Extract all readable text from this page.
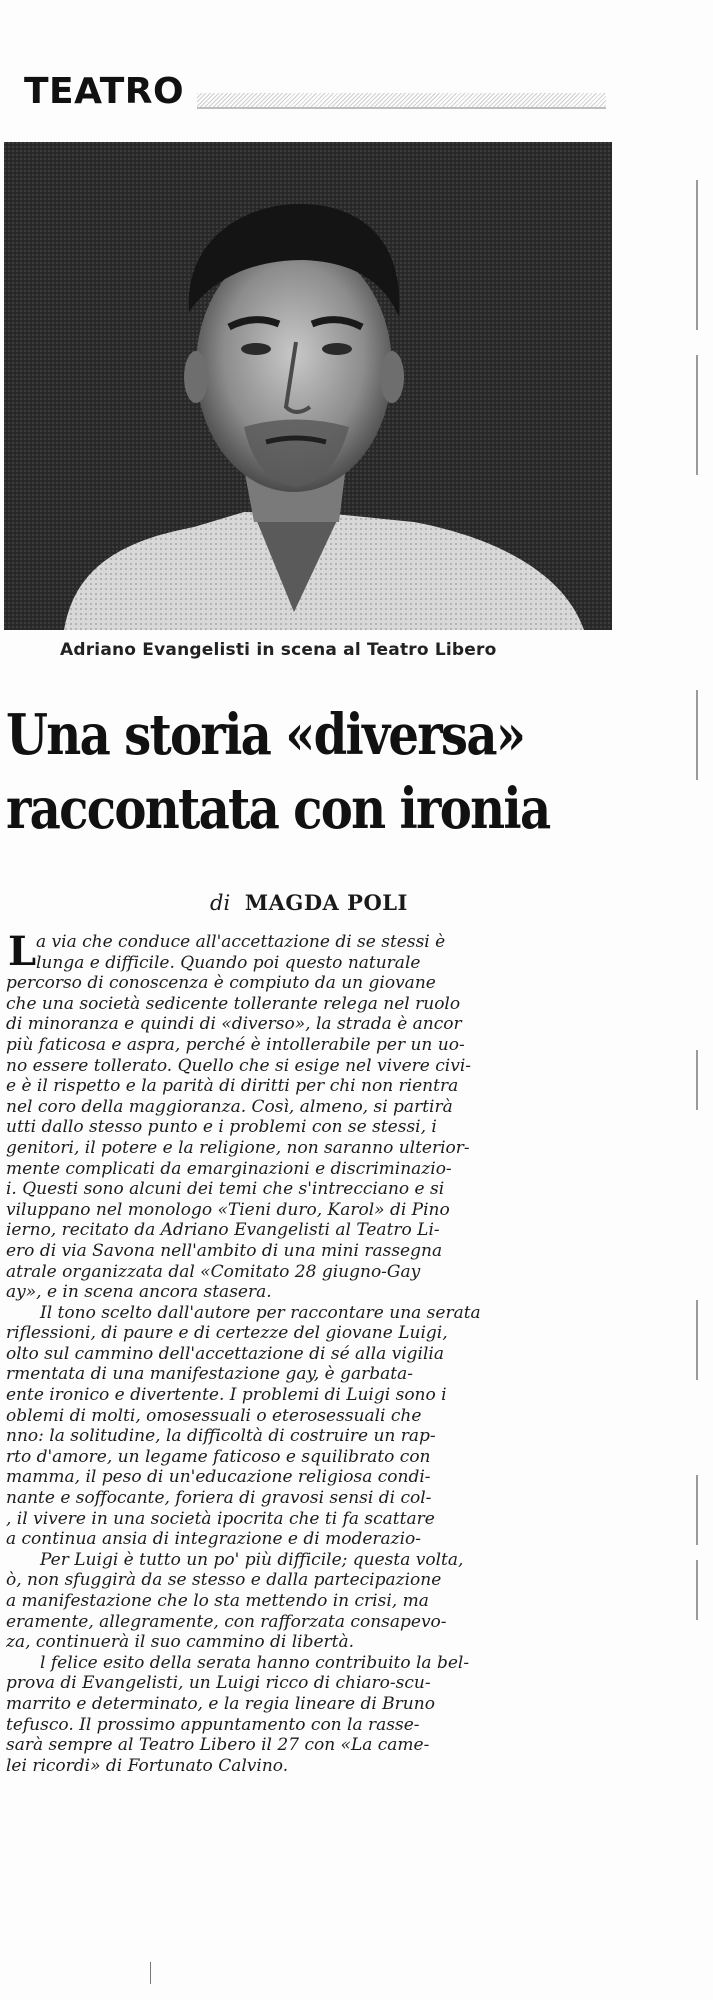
TEATRO
Adriano Evangelisti in scena al Teatro Libero
Una storia «diversa»
raccontata con ironia
di MAGDA POLI
L a via che conduce all'accettazione di se stessi è
lunga e difficile. Quando poi questo naturale
percorso di conoscenza è compiuto da un giovane
che una società sedicente tollerante relega nel ruolo
di minoranza e quindi di «diverso», la strada è ancor
più faticosa e aspra, perché è intollerabile per un uo-
no essere tollerato. Quello che si esige nel vivere civi-
e è il rispetto e la parità di diritti per chi non rientra
nel coro della maggioranza. Così, almeno, si partirà
utti dallo stesso punto e i problemi con se stessi, i
genitori, il potere e la religione, non saranno ulterior-
mente complicati da emarginazioni e discriminazio-
i. Questi sono alcuni dei temi che s'intrecciano e si
viluppano nel monologo «Tieni duro, Karol» di Pino
ierno, recitato da Adriano Evangelisti al Teatro Li-
ero di via Savona nell'ambito di una mini rassegna
atrale organizzata dal «Comitato 28 giugno-Gay
ay», e in scena ancora stasera.
Il tono scelto dall'autore per raccontare una serata
riflessioni, di paure e di certezze del giovane Luigi,
olto sul cammino dell'accettazione di sé alla vigilia
rmentata di una manifestazione gay, è garbata-
ente ironico e divertente. I problemi di Luigi sono i
oblemi di molti, omosessuali o eterosessuali che
nno: la solitudine, la difficoltà di costruire un rap-
rto d'amore, un legame faticoso e squilibrato con
mamma, il peso di un'educazione religiosa condi-
nante e soffocante, foriera di gravosi sensi di col-
, il vivere in una società ipocrita che ti fa scattare
a continua ansia di integrazione e di moderazio-
Per Luigi è tutto un po' più difficile; questa volta,
ò, non sfuggirà da se stesso e dalla partecipazione
a manifestazione che lo sta mettendo in crisi, ma
eramente, allegramente, con rafforzata consapevo-
za, continuerà il suo cammino di libertà.
l felice esito della serata hanno contribuito la bel-
prova di Evangelisti, un Luigi ricco di chiaro-scu-
marrito e determinato, e la regia lineare di Bruno
tefusco. Il prossimo appuntamento con la rasse-
sarà sempre al Teatro Libero il 27 con «La came-
lei ricordi» di Fortunato Calvino.
